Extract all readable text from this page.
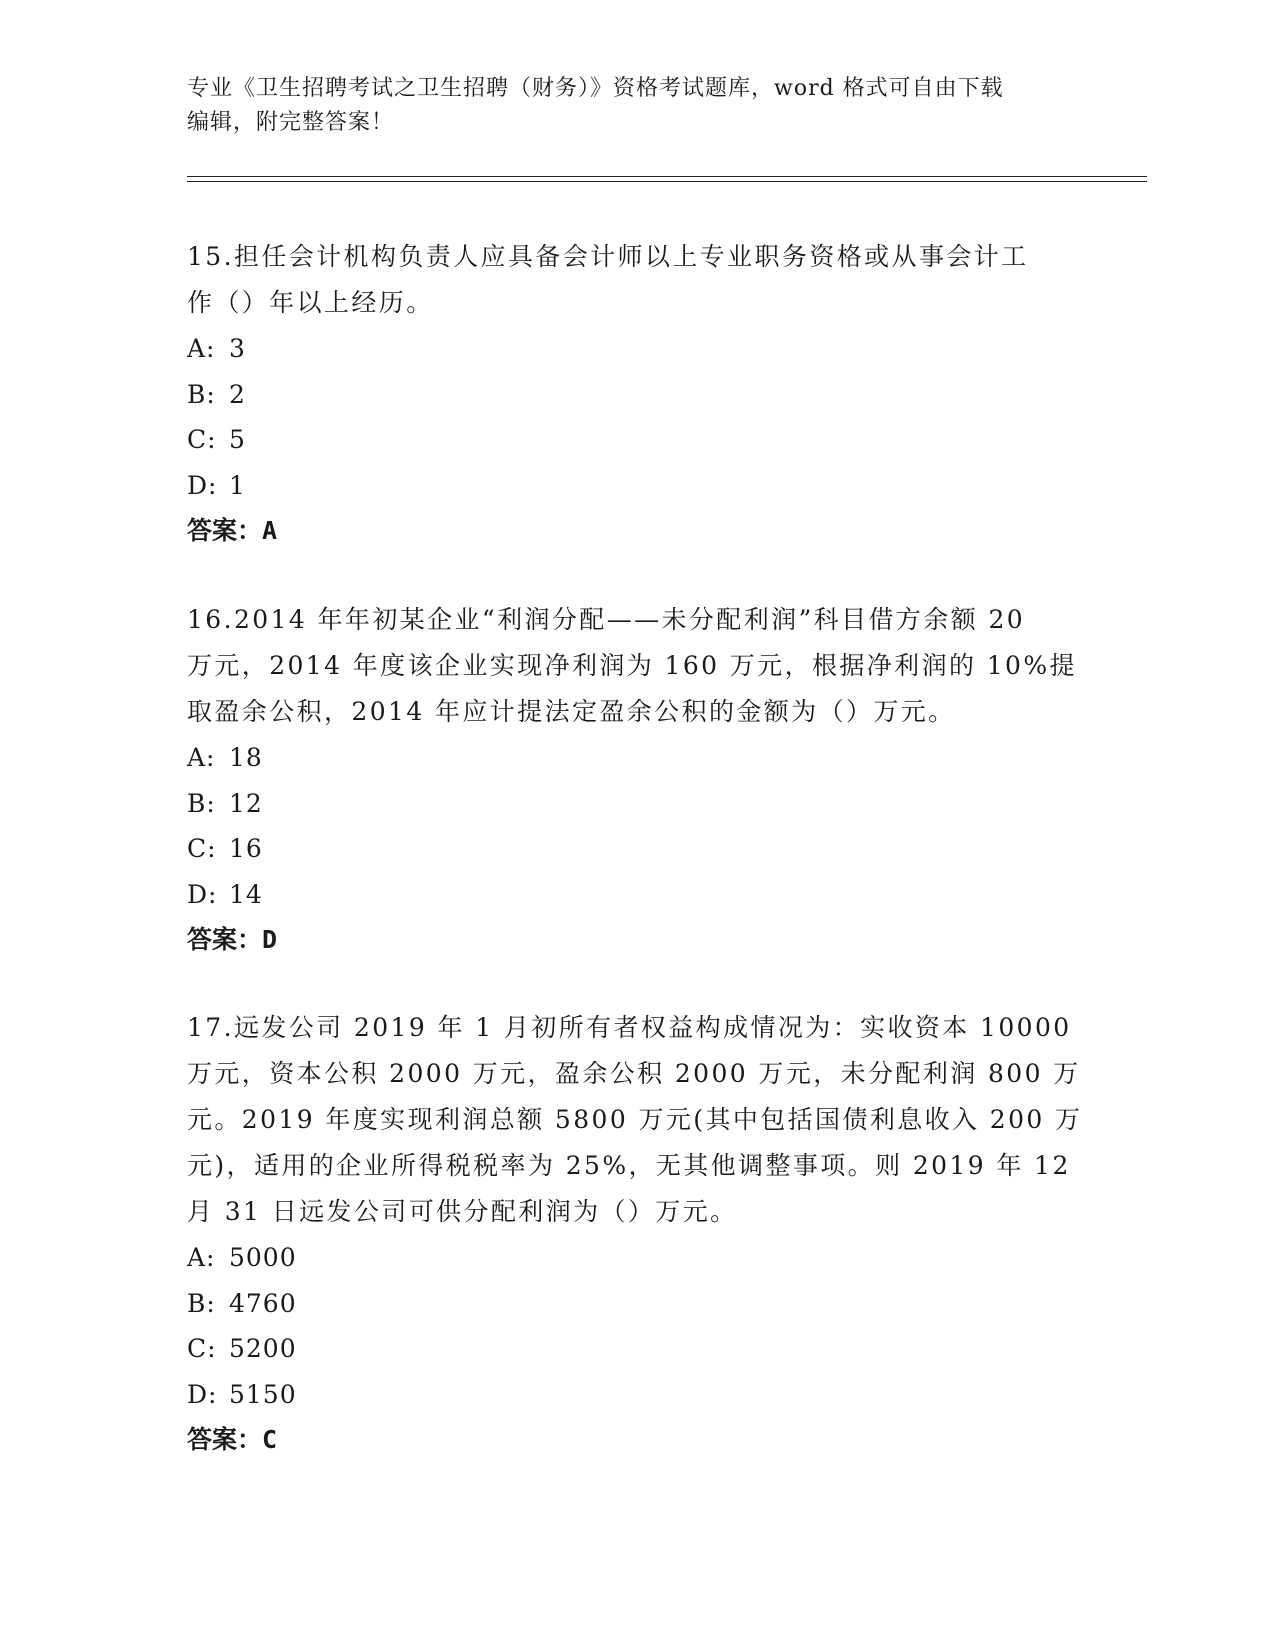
专业《卫生招聘考试之卫生招聘（财务）》资格考试题库，word 格式可自由下载
编辑，附完整答案！
15.担任会计机构负责人应具备会计师以上专业职务资格或从事会计工
作（）年以上经历。
A: 3
B: 2
C: 5
D: 1
答案：A
16.2014 年年初某企业“利润分配——未分配利润”科目借方余额 20
万元，2014 年度该企业实现净利润为 160 万元，根据净利润的 10%提
取盈余公积，2014 年应计提法定盈余公积的金额为（）万元。
A: 18
B: 12
C: 16
D: 14
答案：D
17.远发公司 2019 年 1 月初所有者权益构成情况为：实收资本 10000
万元，资本公积 2000 万元，盈余公积 2000 万元，未分配利润 800 万
元。2019 年度实现利润总额 5800 万元(其中包括国债利息收入 200 万
元)，适用的企业所得税税率为 25%，无其他调整事项。则 2019 年 12
月 31 日远发公司可供分配利润为（）万元。
A: 5000
B: 4760
C: 5200
D: 5150
答案：C
